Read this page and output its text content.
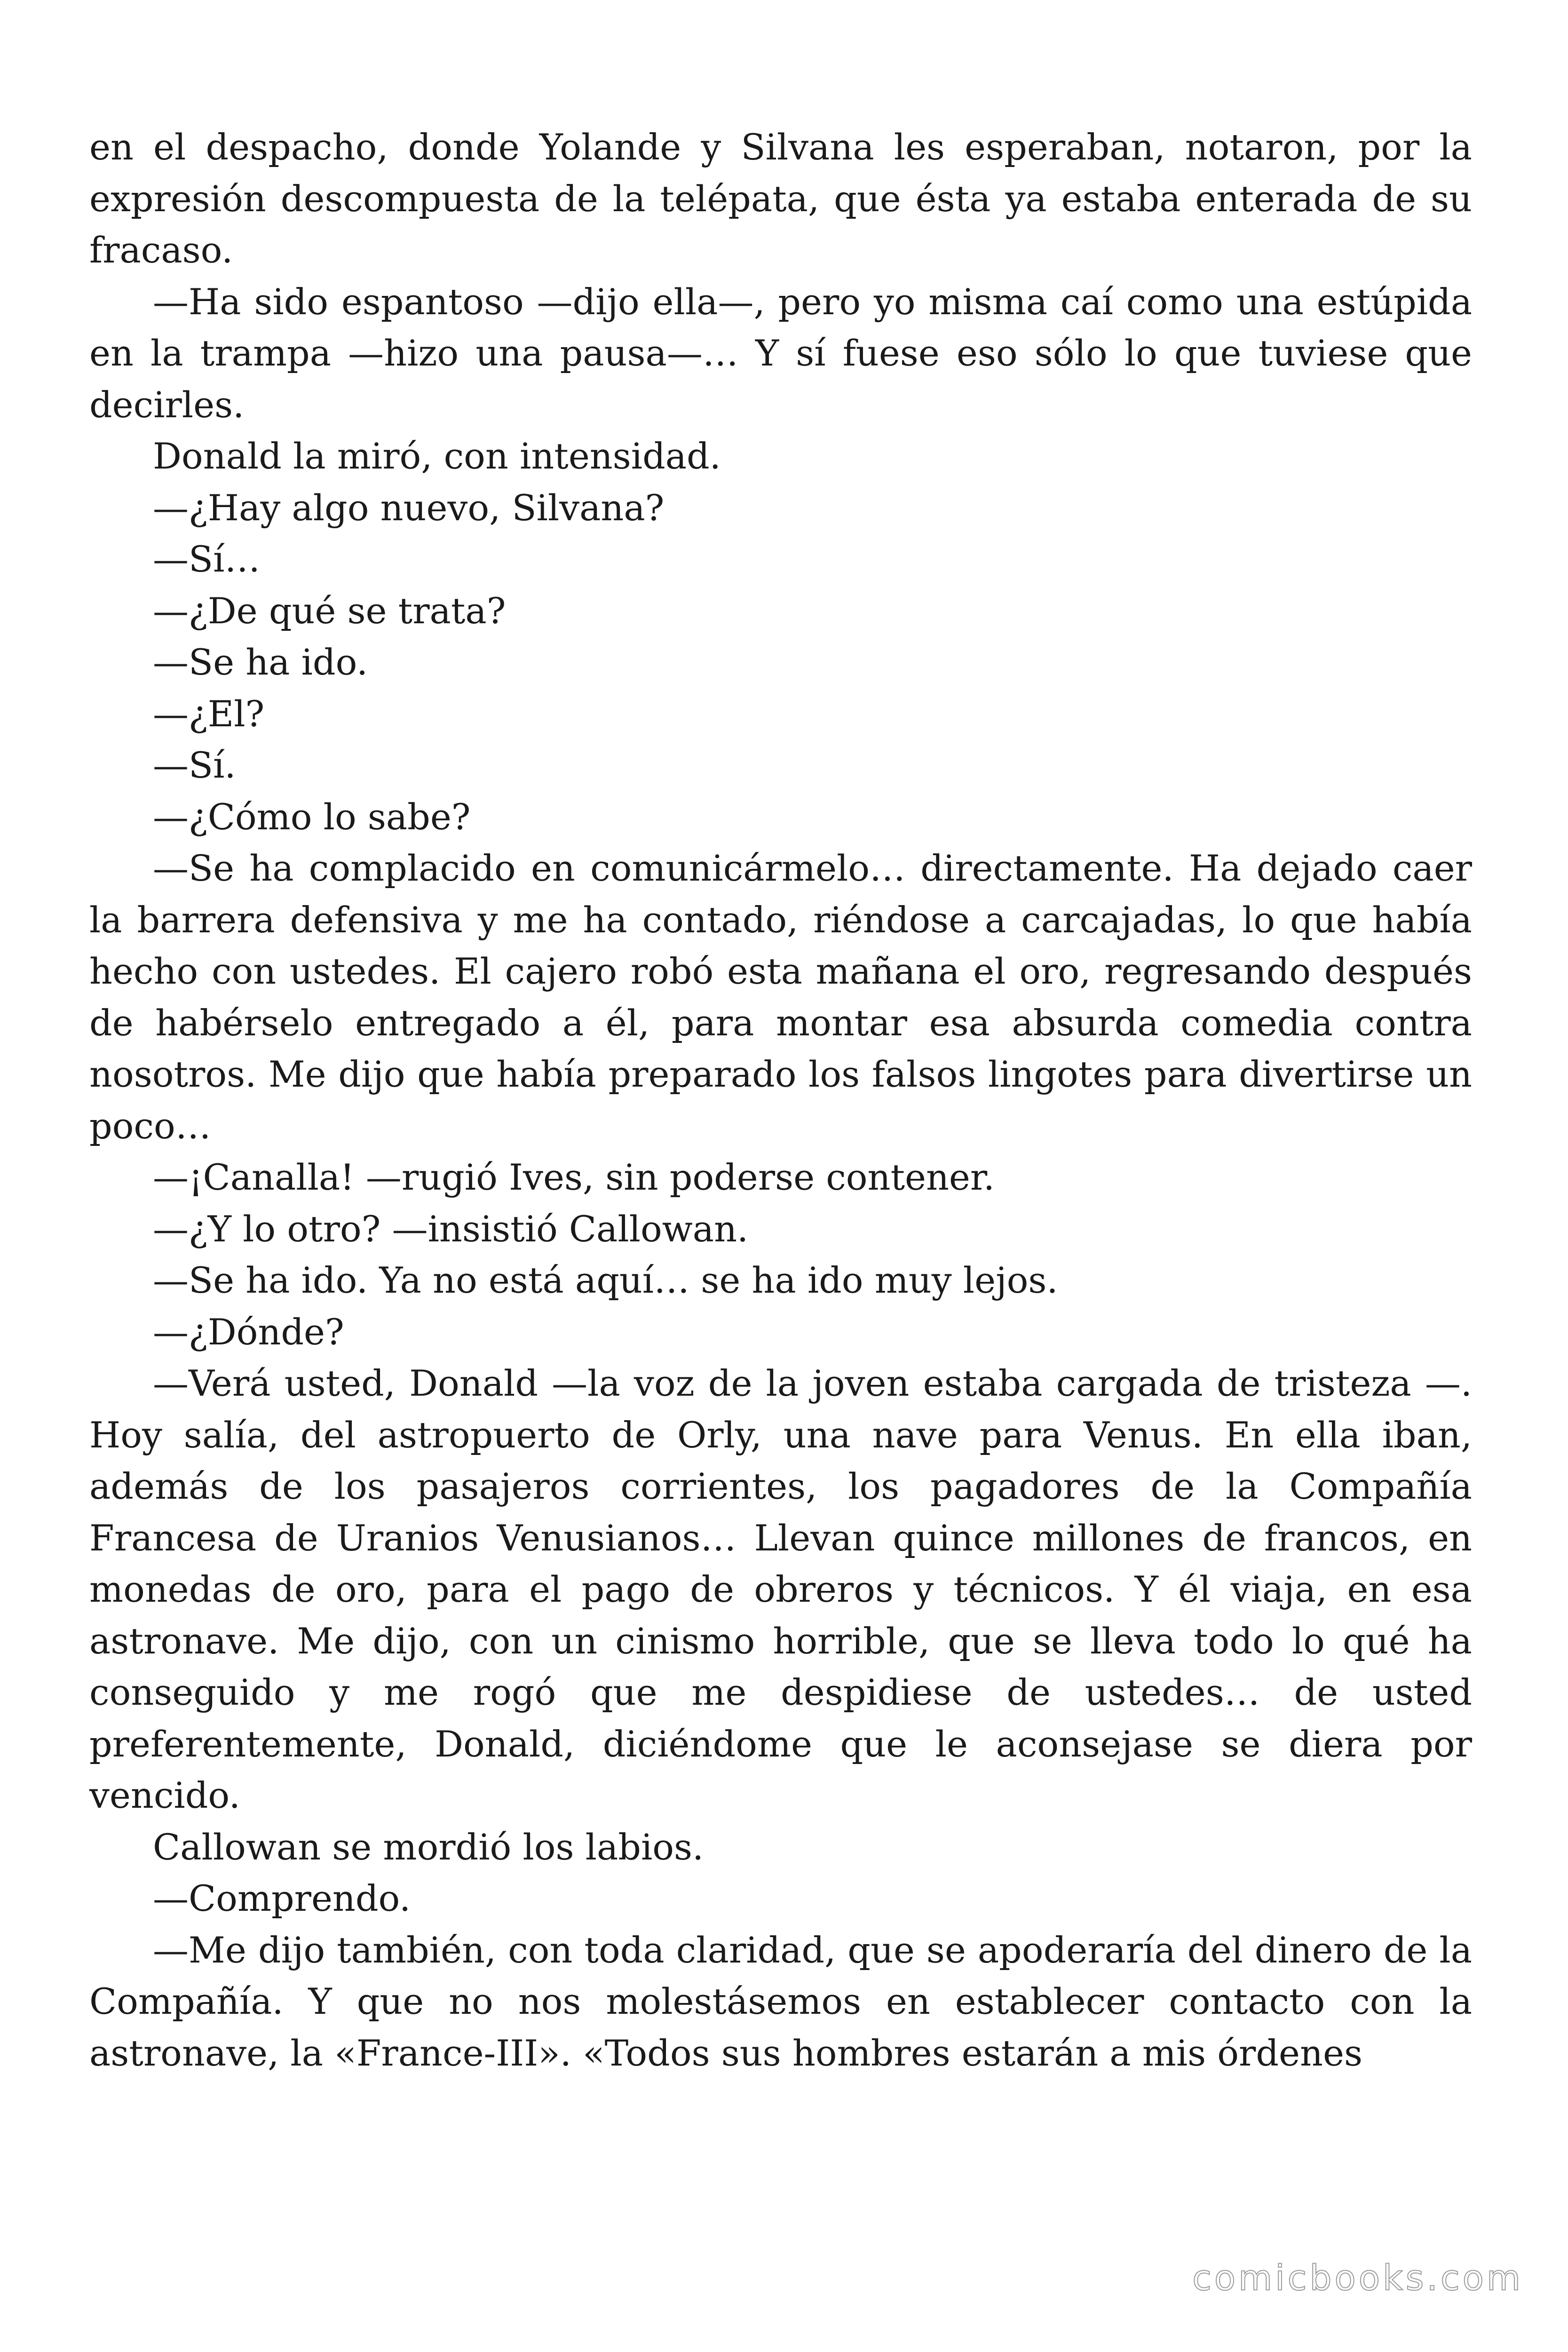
en el despacho, donde Yolande y Silvana les esperaban, notaron, por la expresión descompuesta de la telépata, que ésta ya estaba enterada de su fracaso.

—Ha sido espantoso —dijo ella—, pero yo misma caí como una estúpida en la trampa —hizo una pausa—… Y sí fuese eso sólo lo que tuviese que decirles.

Donald la miró, con intensidad.

—¿Hay algo nuevo, Silvana?

—Sí…

—¿De qué se trata?

—Se ha ido.

—¿El?

—Sí.

—¿Cómo lo sabe?

—Se ha complacido en comunicármelo… directamente. Ha dejado caer la barrera defensiva y me ha contado, riéndose a carcajadas, lo que había hecho con ustedes. El cajero robó esta mañana el oro, regresando después de habérselo entregado a él, para montar esa absurda comedia contra nosotros. Me dijo que había preparado los falsos lingotes para divertirse un poco…

—¡Canalla! —rugió Ives, sin poderse contener.

—¿Y lo otro? —insistió Callowan.

—Se ha ido. Ya no está aquí… se ha ido muy lejos.

—¿Dónde?

—Verá usted, Donald —la voz de la joven estaba cargada de tristeza —. Hoy salía, del astropuerto de Orly, una nave para Venus. En ella iban, además de los pasajeros corrientes, los pagadores de la Compañía Francesa de Uranios Venusianos… Llevan quince millones de francos, en monedas de oro, para el pago de obreros y técnicos. Y él viaja, en esa astronave. Me dijo, con un cinismo horrible, que se lleva todo lo qué ha conseguido y me rogó que me despidiese de ustedes… de usted preferentemente, Donald, diciéndome que le aconsejase se diera por vencido.

Callowan se mordió los labios.

—Comprendo.

—Me dijo también, con toda claridad, que se apoderaría del dinero de la Compañía. Y que no nos molestásemos en establecer contacto con la astronave, la «France-III». «Todos sus hombres estarán a mis órdenes

comicbooks.com
